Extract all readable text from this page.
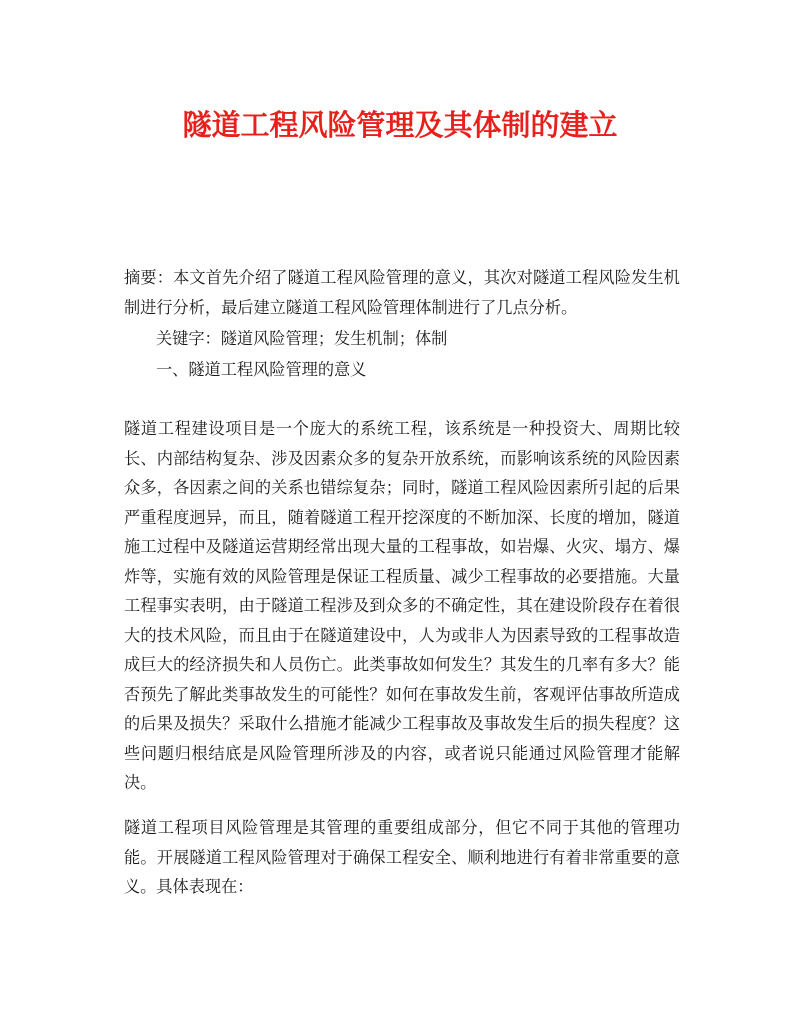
隧道工程风险管理及其体制的建立
摘要：本文首先介绍了隧道工程风险管理的意义，其次对隧道工程风险发生机制进行分析，最后建立隧道工程风险管理体制进行了几点分析。
关键字：隧道风险管理；发生机制；体制
一、隧道工程风险管理的意义
隧道工程建设项目是一个庞大的系统工程，该系统是一种投资大、周期比较长、内部结构复杂、涉及因素众多的复杂开放系统，而影响该系统的风险因素众多，各因素之间的关系也错综复杂；同时，隧道工程风险因素所引起的后果严重程度迥异，而且，随着隧道工程开挖深度的不断加深、长度的增加，隧道施工过程中及隧道运营期经常出现大量的工程事故，如岩爆、火灾、塌方、爆炸等，实施有效的风险管理是保证工程质量、减少工程事故的必要措施。大量工程事实表明，由于隧道工程涉及到众多的不确定性，其在建设阶段存在着很大的技术风险，而且由于在隧道建设中，人为或非人为因素导致的工程事故造成巨大的经济损失和人员伤亡。此类事故如何发生？其发生的几率有多大？能否预先了解此类事故发生的可能性？如何在事故发生前，客观评估事故所造成的后果及损失？采取什么措施才能减少工程事故及事故发生后的损失程度？这些问题归根结底是风险管理所涉及的内容，或者说只能通过风险管理才能解决。
隧道工程项目风险管理是其管理的重要组成部分，但它不同于其他的管理功能。开展隧道工程风险管理对于确保工程安全、顺利地进行有着非常重要的意义。具体表现在：
